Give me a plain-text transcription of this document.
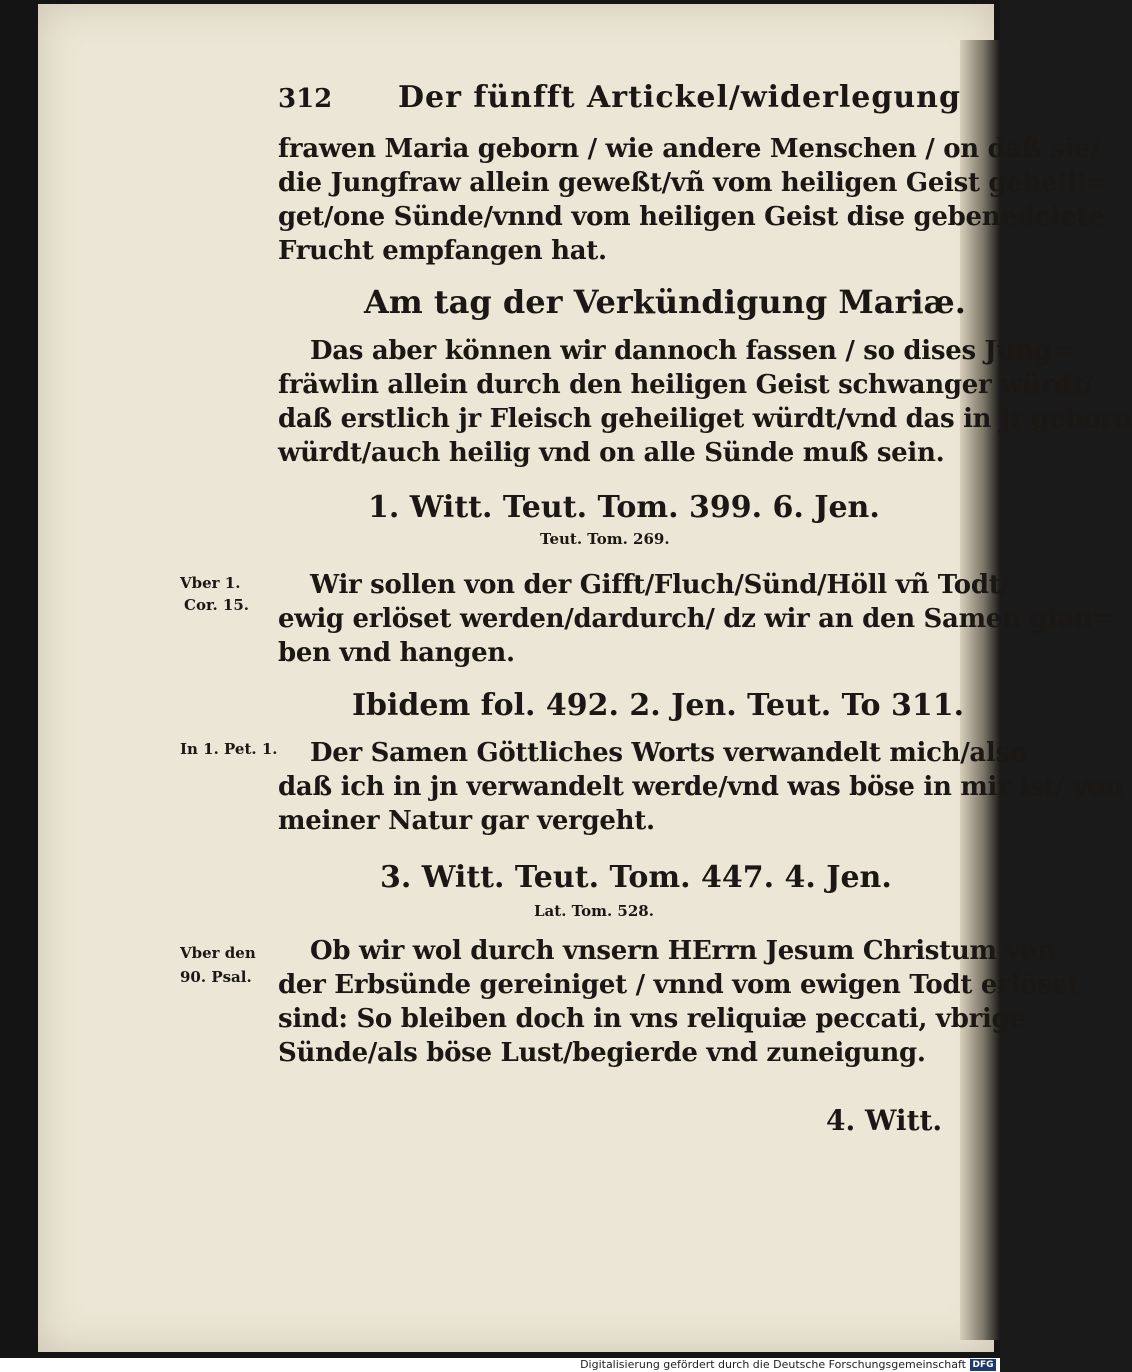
312 Der fünfft Artickel/widerlegung
frawen Maria geborn / wie andere Menschen / on daß sie/
die Jungfraw allein geweßt/vñ vom heiligen Geist geheili=
get/one Sünde/vnnd vom heiligen Geist dise gebenedeiete
Frucht empfangen hat.
Am tag der Verkündigung Mariæ.
Das aber können wir dannoch fassen / so dises Jung=
fräwlin allein durch den heiligen Geist schwanger würdt/
daß erstlich jr Fleisch geheiliget würdt/vnd das in jr geborn
würdt/auch heilig vnd on alle Sünde muß sein.
1. Witt. Teut. Tom. 399. 6. Jen.
Teut. Tom. 269.
Vber 1.
Cor. 15.
Wir sollen von der Gifft/Fluch/Sünd/Höll vñ Todt/
ewig erlöset werden/dardurch/ dz wir an den Samen glau=
ben vnd hangen.
Ibidem fol. 492. 2. Jen. Teut. To 311.
In 1. Pet. 1. Der Samen Göttliches Worts verwandelt mich/also
daß ich in jn verwandelt werde/vnd was böse in mir ist/ von
meiner Natur gar vergeht.
3. Witt. Teut. Tom. 447. 4. Jen.
Lat. Tom. 528.
Vber den
90. Psal.
Ob wir wol durch vnsern HErrn Jesum Christum von
der Erbsünde gereiniget / vnnd vom ewigen Todt erlöset
sind: So bleiben doch in vns reliquiæ peccati, vbrige
Sünde/als böse Lust/begierde vnd zuneigung.
4. Witt.
Digitalisierung gefördert durch die Deutsche Forschungsgemeinschaft DFG
